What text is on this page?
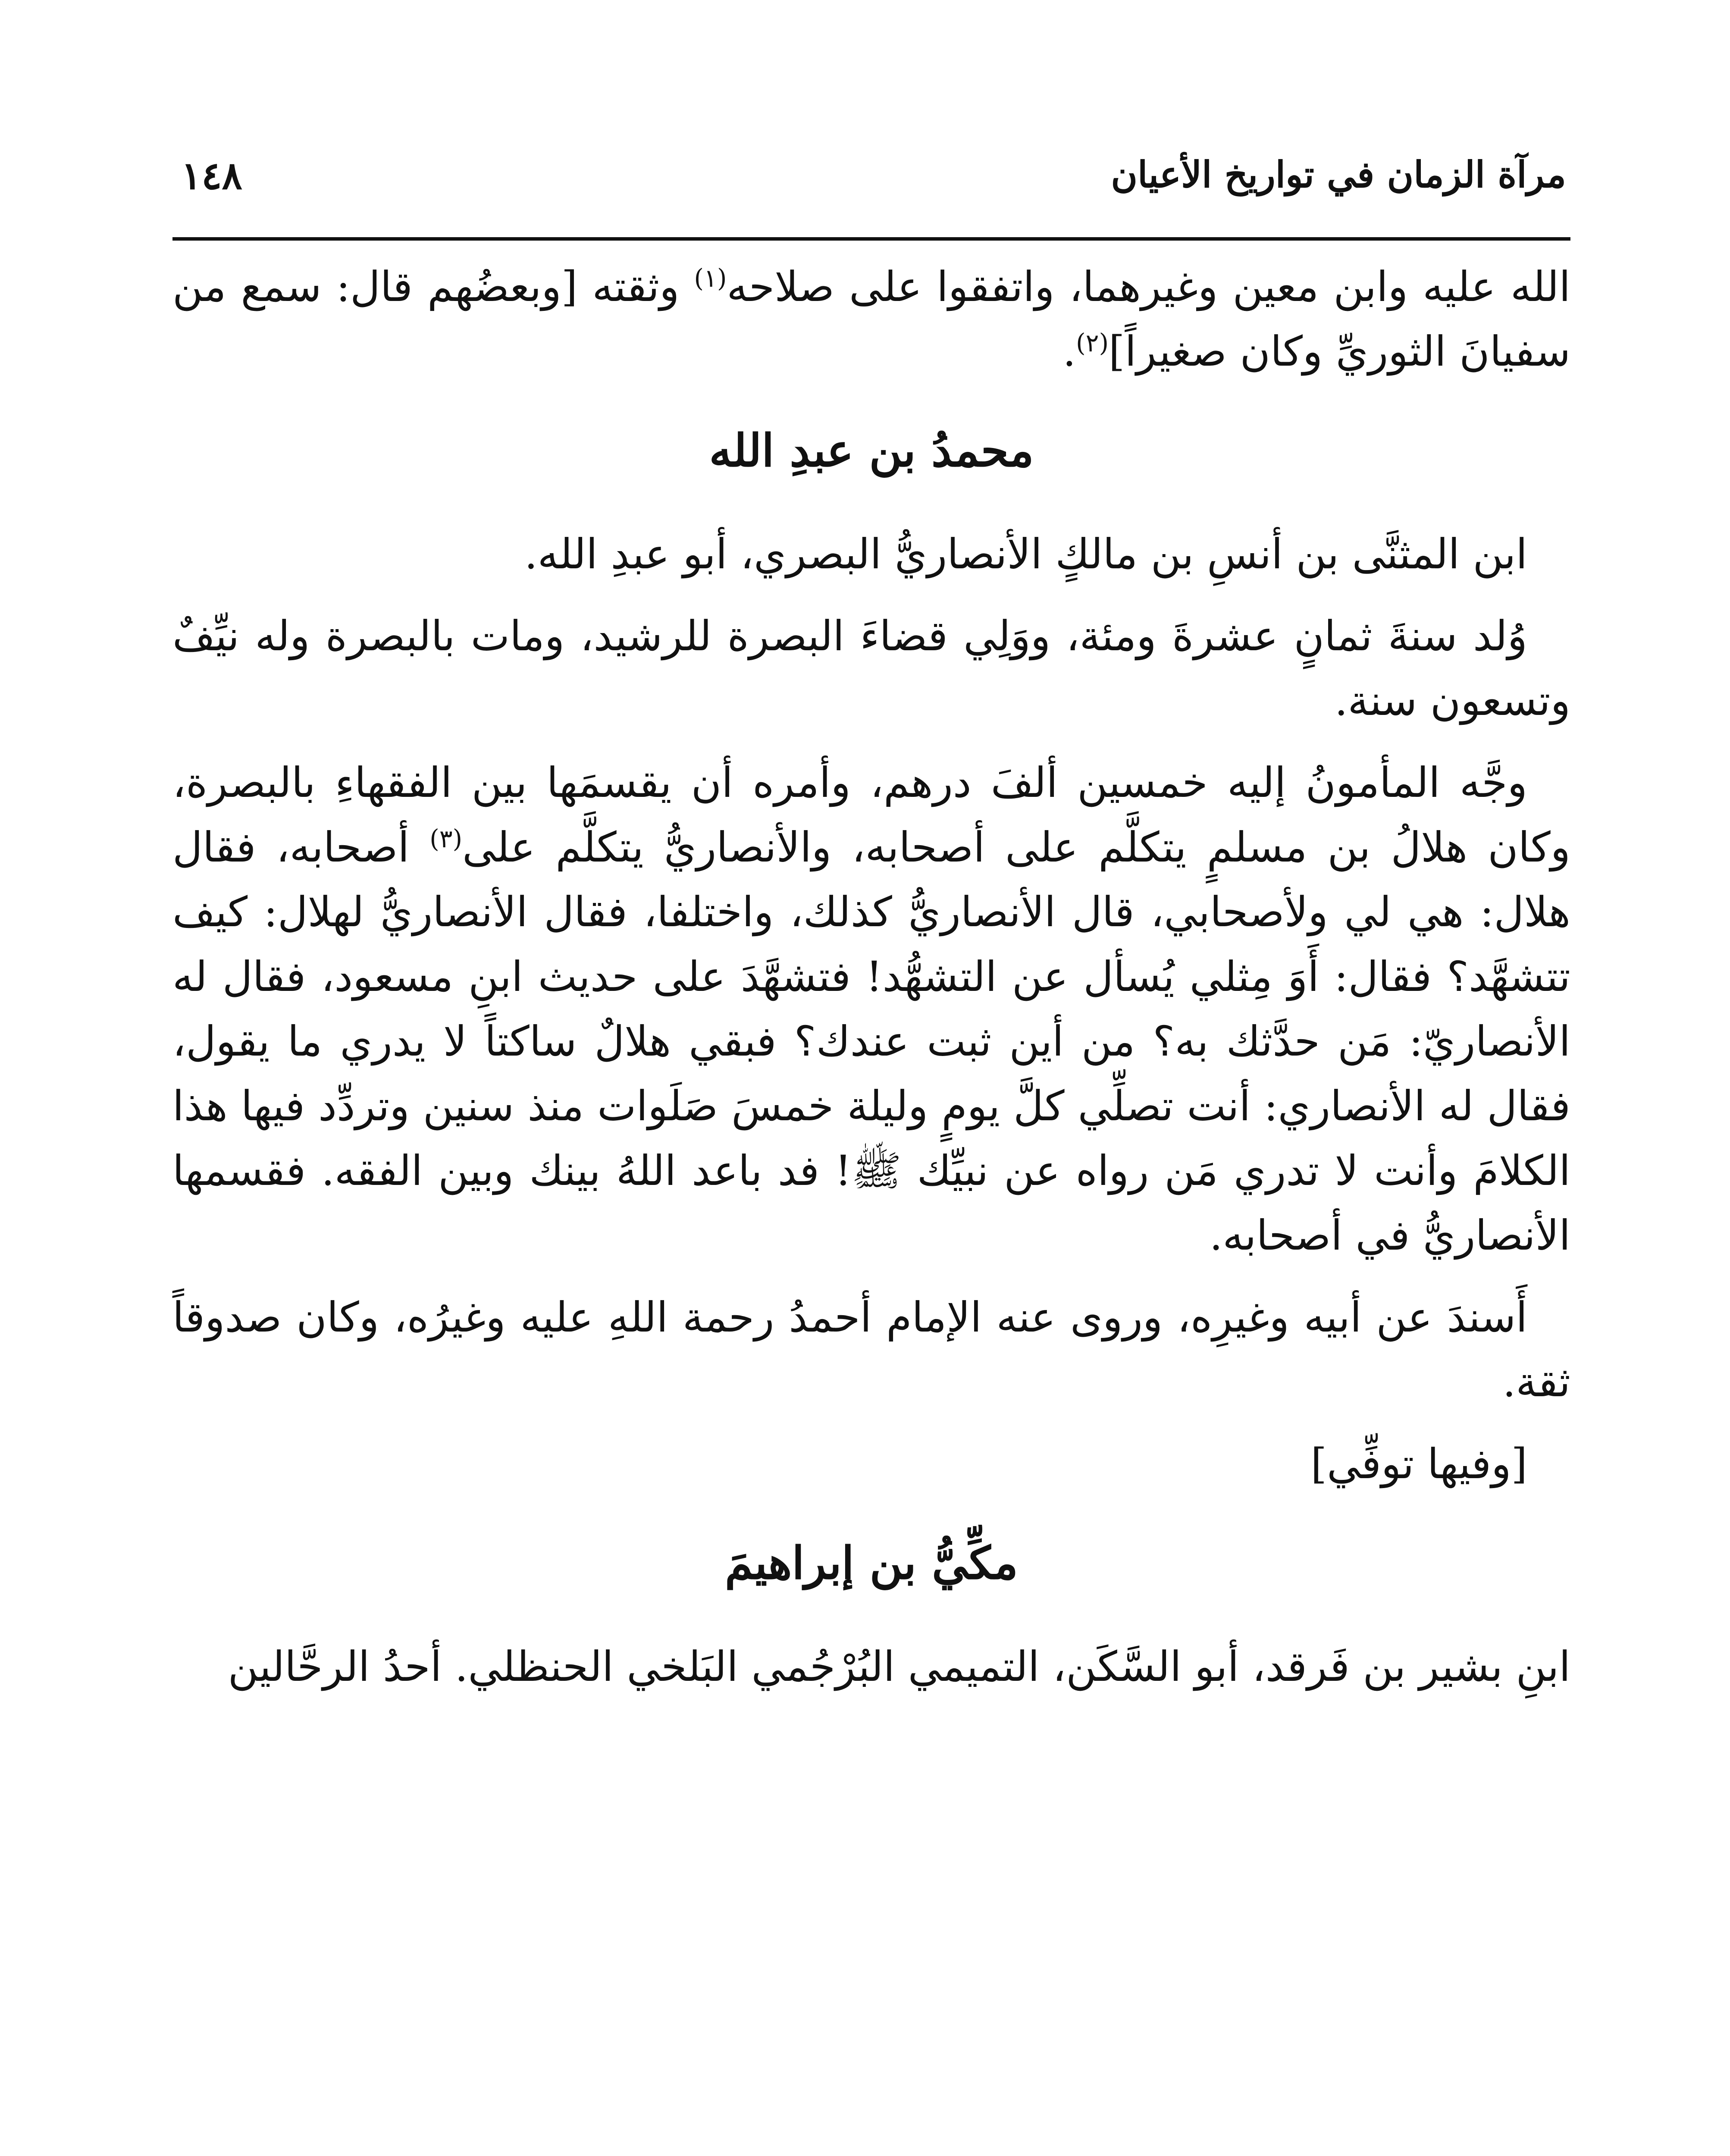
مرآة الزمان في تواريخ الأعيان
١٤٨

الله عليه وابن معين وغيرهما، واتفقوا على صلاحه$^{(١)}$ وثقته [وبعضُهم قال: سمع من سفيانَ الثوريِّ وكان صغيراً]$^{(٢)}$.

محمدُ بن عبدِ الله

ابن المثنَّى بن أنسِ بن مالكٍ الأنصاريُّ البصري، أبو عبدِ الله.

وُلد سنةَ ثمانٍ عشرةَ ومئة، ووَلِي قضاءَ البصرة للرشيد، ومات بالبصرة وله نيِّفٌ وتسعون سنة.

وجَّه المأمونُ إليه خمسين ألفَ درهم، وأمره أن يقسمَها بين الفقهاءِ بالبصرة، وكان هلالُ بن مسلمٍ يتكلَّم على أصحابه، والأنصاريُّ يتكلَّم على$^{(٣)}$ أصحابه، فقال هلال: هي لي ولأصحابي، قال الأنصاريُّ كذلك، واختلفا، فقال الأنصاريُّ لهلال: كيف تتشهَّد؟ فقال: أَوَ مِثلي يُسأل عن التشهُّد! فتشهَّدَ على حديث ابنِ مسعود، فقال له الأنصاريّ: مَن حدَّثك به؟ من أين ثبت عندك؟ فبقي هلالٌ ساكتاً لا يدري ما يقول، فقال له الأنصاري: أنت تصلِّي كلَّ يومٍ وليلة خمسَ صَلَوات منذ سنين وتردِّد فيها هذا الكلامَ وأنت لا تدري مَن رواه عن نبيِّك ﷺ! فد باعد اللهُ بينك وبين الفقه. فقسمها الأنصاريُّ في أصحابه.

أَسندَ عن أبيه وغيرِه، وروى عنه الإمام أحمدُ رحمة اللهِ عليه وغيرُه، وكان صدوقاً ثقة.

[وفيها توفِّي]

مكِّيُّ بن إبراهيمَ

ابنِ بشير بن فَرقد، أبو السَّكَن، التميمي البُرْجُمي البَلخي الحنظلي. أحدُ الرحَّالين
